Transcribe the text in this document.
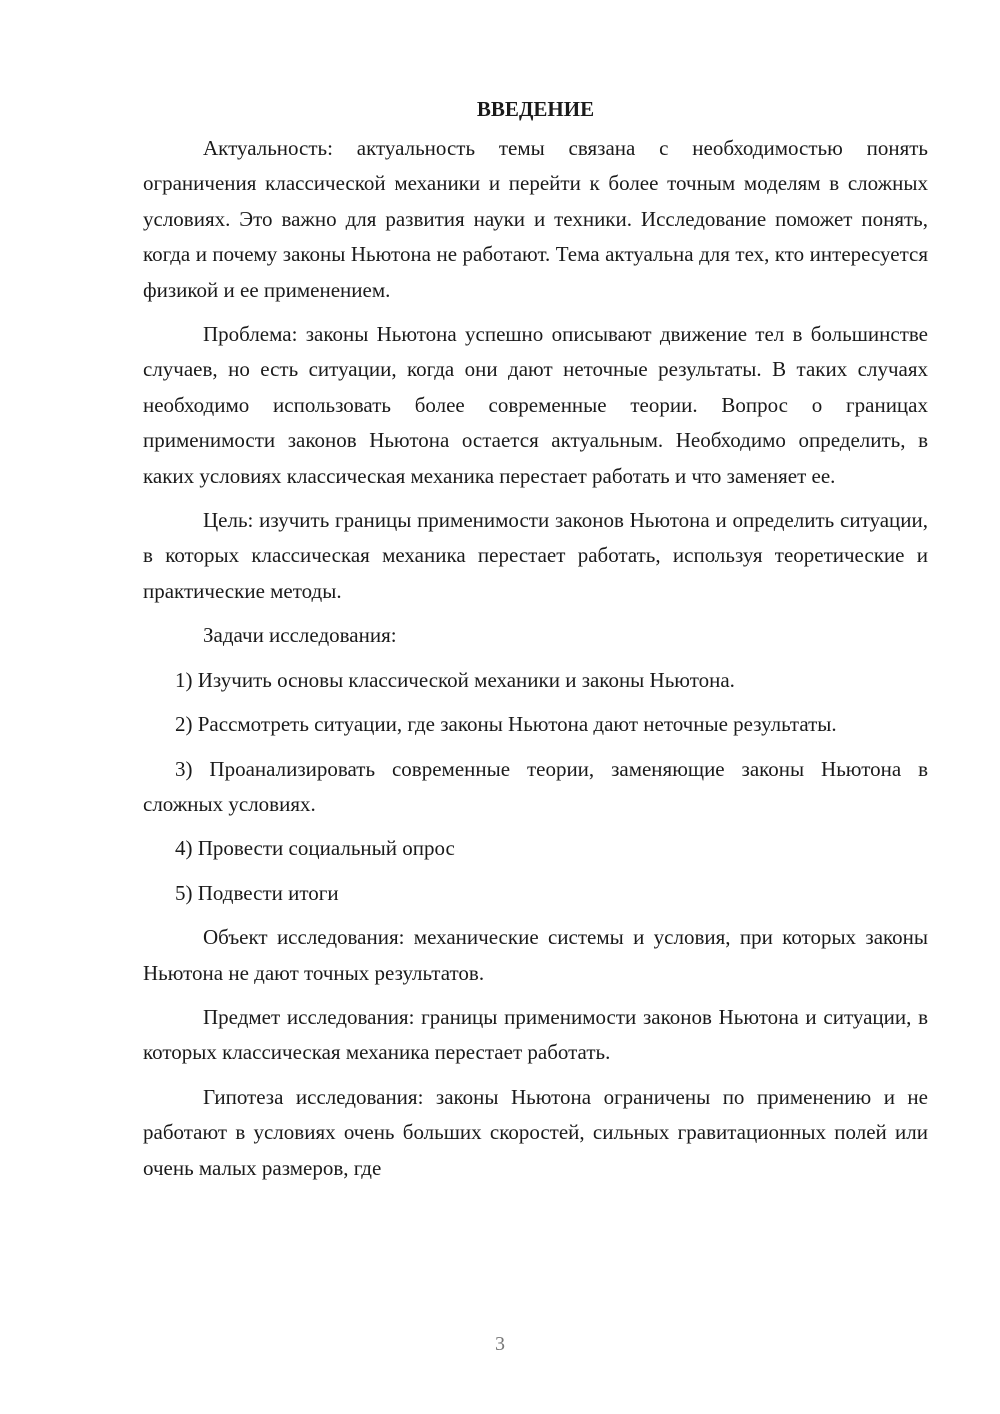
ВВЕДЕНИЕ

Актуальность: актуальность темы связана с необходимостью понять ограничения классической механики и перейти к более точным моделям в сложных условиях. Это важно для развития науки и техники. Исследование поможет понять, когда и почему законы Ньютона не работают. Тема актуальна для тех, кто интересуется физикой и ее применением.

Проблема: законы Ньютона успешно описывают движение тел в большинстве случаев, но есть ситуации, когда они дают неточные результаты. В таких случаях необходимо использовать более современные теории. Вопрос о границах применимости законов Ньютона остается актуальным. Необходимо определить, в каких условиях классическая механика перестает работать и что заменяет ее.

Цель: изучить границы применимости законов Ньютона и определить ситуации, в которых классическая механика перестает работать, используя теоретические и практические методы.

Задачи исследования:

1) Изучить основы классической механики и законы Ньютона.

2) Рассмотреть ситуации, где законы Ньютона дают неточные результаты.

3) Проанализировать современные теории, заменяющие законы Ньютона в сложных условиях.

4) Провести социальный опрос

5) Подвести итоги

Объект исследования: механические системы и условия, при которых законы Ньютона не дают точных результатов.

Предмет исследования: границы применимости законов Ньютона и ситуации, в которых классическая механика перестает работать.

Гипотеза исследования: законы Ньютона ограничены по применению и не работают в условиях очень больших скоростей, сильных гравитационных полей или очень малых размеров, где

3
